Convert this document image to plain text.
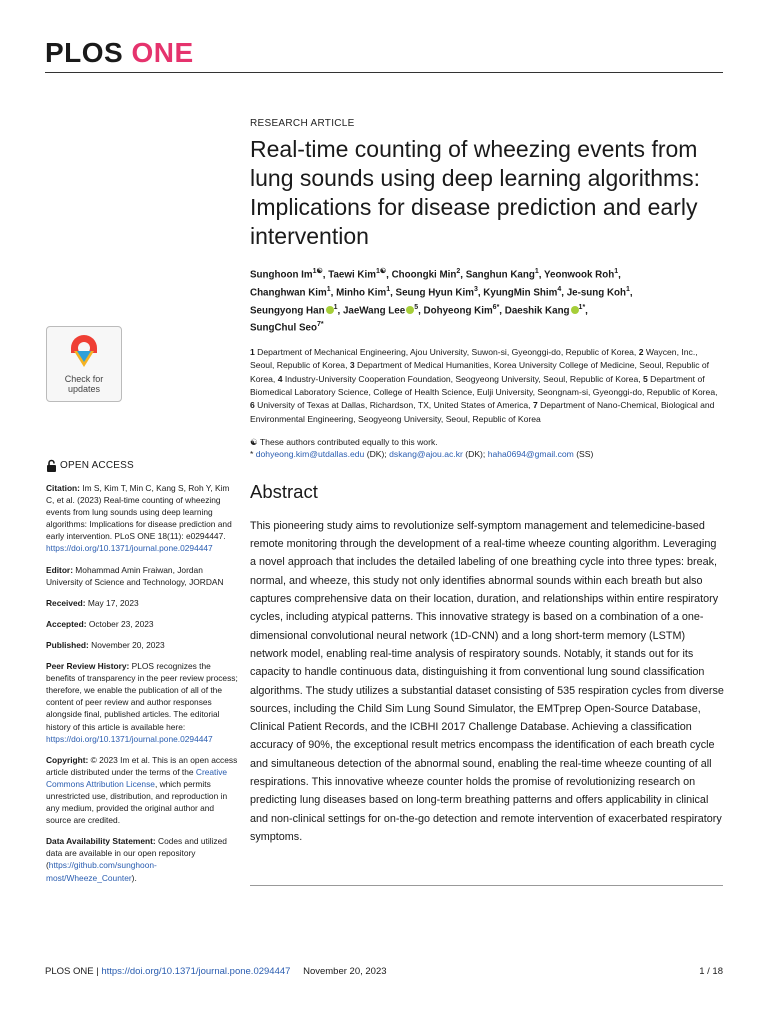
PLOS ONE
Check for
updates
OPEN ACCESS

Citation: Im S, Kim T, Min C, Kang S, Roh Y, Kim C, et al. (2023) Real-time counting of wheezing events from lung sounds using deep learning algorithms: Implications for disease prediction and early intervention. PLoS ONE 18(11): e0294447. https://doi.org/10.1371/journal.pone.0294447

Editor: Mohammad Amin Fraiwan, Jordan University of Science and Technology, JORDAN

Received: May 17, 2023

Accepted: October 23, 2023

Published: November 20, 2023

Peer Review History: PLOS recognizes the benefits of transparency in the peer review process; therefore, we enable the publication of all of the content of peer review and author responses alongside final, published articles. The editorial history of this article is available here: https://doi.org/10.1371/journal.pone.0294447

Copyright: © 2023 Im et al. This is an open access article distributed under the terms of the Creative Commons Attribution License, which permits unrestricted use, distribution, and reproduction in any medium, provided the original author and source are credited.

Data Availability Statement: Codes and utilized data are available in our open repository (https://github.com/sunghoon-most/Wheeze_Counter).

RESEARCH ARTICLE
Real-time counting of wheezing events from lung sounds using deep learning algorithms: Implications for disease prediction and early intervention
Sunghoon $Im^{1☯}$, Taewi Kim$^{1☯}$, Choongki Min$^2$, Sanghun Kang$^1$, Yeonwook Roh$^1$,
Changhwan Kim$^1$, Minho Kim$^1$, Seung Hyun Kim$^3$, KyungMin Shim$^4$, Je-sung Koh$^1$,
Seungyong Han $^1$, JaeWang Lee $^5$, Dohyeong Kim$^{6*}$, Daeshik Kang $^{1*}$,
SungChul Seo$^{7*}$
1 Department of Mechanical Engineering, Ajou University, Suwon-si, Gyeonggi-do, Republic of Korea, 2 Waycen, Inc., Seoul, Republic of Korea, 3 Department of Medical Humanities, Korea University College of Medicine, Seoul, Republic of Korea, 4 Industry-University Cooperation Foundation, Seogyeong University, Seoul, Republic of Korea, 5 Department of Biomedical Laboratory Science, College of Health Science, Eulji University, Seongnam-si, Gyeonggi-do, Republic of Korea, 6 University of Texas at Dallas, Richardson, TX, United States of America, 7 Department of Nano-Chemical, Biological and Environmental Engineering, Seogyeong University, Seoul, Republic of Korea
☯ These authors contributed equally to this work.
* dohyeong.kim@utdallas.edu (DK); dskang@ajou.ac.kr (DK); haha0694@gmail.com (SS)
Abstract
This pioneering study aims to revolutionize self-symptom management and telemedicine-based remote monitoring through the development of a real-time wheeze counting algorithm. Leveraging a novel approach that includes the detailed labeling of one breathing cycle into three types: break, normal, and wheeze, this study not only identifies abnormal sounds within each breath but also captures comprehensive data on their location, duration, and relationships within entire respiratory cycles, including atypical patterns. This innovative strategy is based on a combination of a one-dimensional convolutional neural network (1D-CNN) and a long short-term memory (LSTM) network model, enabling real-time analysis of respiratory sounds. Notably, it stands out for its capacity to handle continuous data, distinguishing it from conventional lung sound classification algorithms. The study utilizes a substantial dataset consisting of 535 respiration cycles from diverse sources, including the Child Sim Lung Sound Simulator, the EMTprep Open-Source Database, Clinical Patient Records, and the ICBHI 2017 Challenge Database. Achieving a classification accuracy of 90%, the exceptional result metrics encompass the identification of each breath cycle and simultaneous detection of the abnormal sound, enabling the real-time wheeze counting of all respirations. This innovative wheeze counter holds the promise of revolutionizing research on predicting lung diseases based on long-term breathing patterns and offers applicability in clinical and non-clinical settings for on-the-go detection and remote intervention of exacerbated respiratory symptoms.
PLOS ONE | https://doi.org/10.1371/journal.pone.0294447 November 20, 2023	1 / 18
